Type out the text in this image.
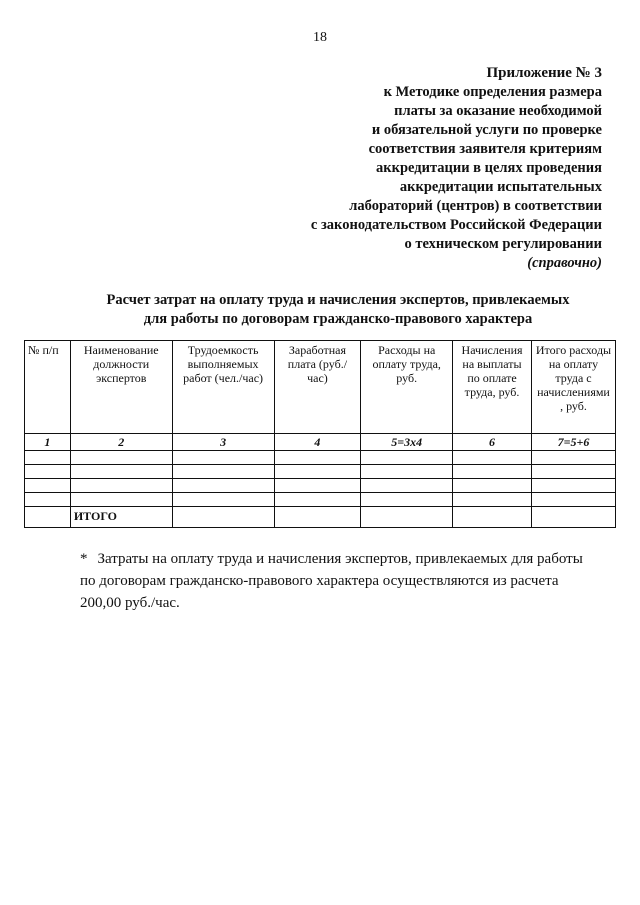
18
Приложение № 3
к Методике определения размера
платы за оказание необходимой
и обязательной услуги по проверке
соответствия заявителя критериям
аккредитации в целях проведения
аккредитации испытательных
лабораторий (центров) в соответствии
с законодательством Российской Федерации
о техническом регулировании
(справочно)
Расчет затрат на оплату труда и начисления экспертов, привлекаемых
для работы по договорам гражданско-правового характера
№ п/п	Наименование должности экспертов	Трудоемкость выполняемых работ (чел./час)	Заработная плата (руб./час)	Расходы на оплату труда, руб.	Начисления на выплаты по оплате труда, руб.	Итого расходы на оплату труда с начислениями , руб.
1	2	3	4	5=3x4	6	7=5+6

	ИТОГО					
* Затраты на оплату труда и начисления экспертов, привлекаемых для работы по договорам гражданско-правового характера осуществляются из расчета 200,00 руб./час.
